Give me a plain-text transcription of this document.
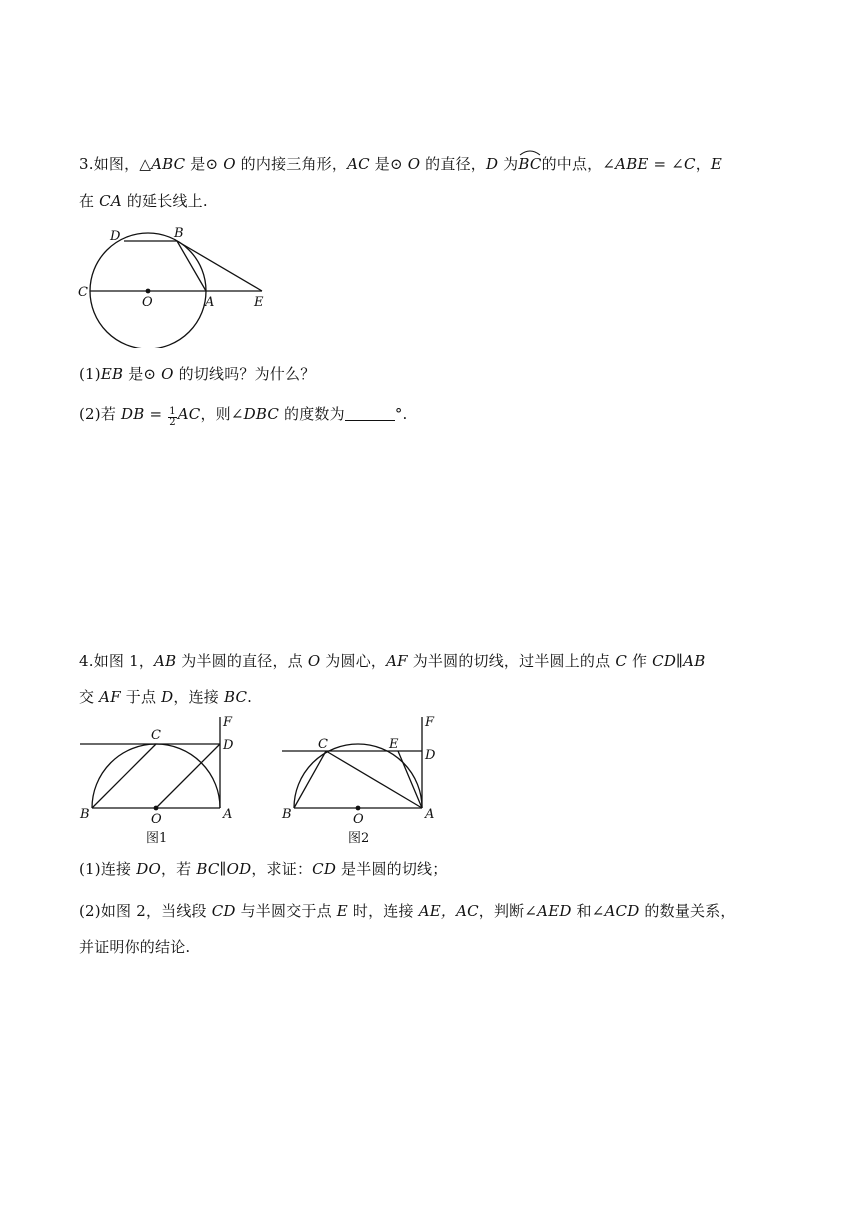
3.如图，△ABC 是⊙ O 的内接三角形，AC 是⊙ O 的直径，D 为
BC的中点，∠ABE = ∠C，E
在 CA 的延长线上.
D	B
C
O	A	E
(1)EB 是⊙ O 的切线吗？为什么？
(2)若 DB = $\frac{1}{2}$ AC，则∠DBC 的度数为	°.
4.如图 1，AB 为半圆的直径，点 O 为圆心，AF 为半圆的切线，过半圆上的点 C 作 CD∥AB
交 AF 于点 D，连接 BC.
C
F
D
B	O	A
图1
C	E
F
D
B	O	A
图2
(1)连接 DO，若 BC∥OD，求证：CD 是半圆的切线；
(2)如图 2，当线段 CD 与半圆交于点 E 时，连接 AE，AC，判断∠AED 和∠ACD 的数量关系，
并证明你的结论.
